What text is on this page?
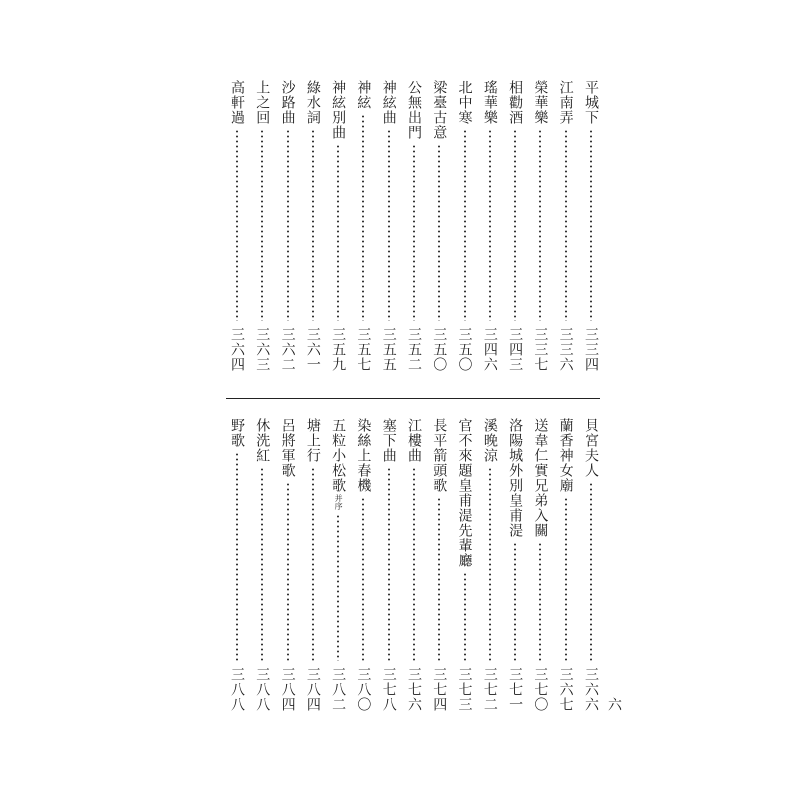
平城下
三三四
江南弄
三三六
榮華樂
三三七
相勸酒
三四三
瑤華樂
三四六
北中寒
三五〇
梁臺古意
三五〇
公無出門
三五二
神絃曲
三五五
神絃
三五七
神絃別曲
三五九
綠水詞
三六一
沙路曲
三六二
上之回
三六三
高軒過
三六四
貝宮夫人
三六六
蘭香神女廟
三六七
送韋仁實兄弟入關
三七〇
洛陽城外別皇甫湜
三七一
溪晚涼
三七二
官不來題皇甫湜先輩廳
三七三
長平箭頭歌
三七四
江樓曲
三七六
塞下曲
三七八
染絲上春機
三八〇
五粒小松歌
并序
三八二
塘上行
三八四
呂將軍歌
三八四
休洗紅
三八八
野歌
三八八	六
